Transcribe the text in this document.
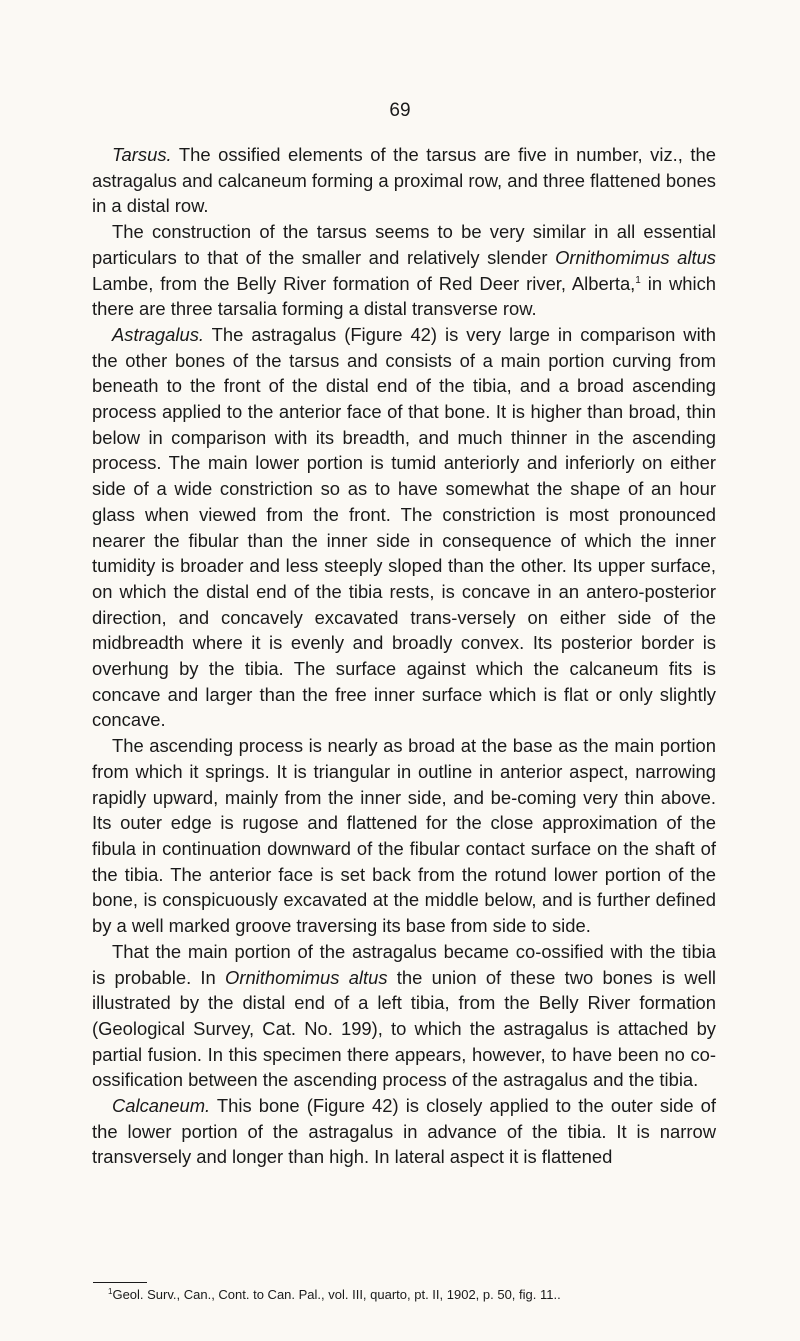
69

Tarsus. The ossified elements of the tarsus are five in number, viz., the astragalus and calcaneum forming a proximal row, and three flattened bones in a distal row.

The construction of the tarsus seems to be very similar in all essential particulars to that of the smaller and relatively slender Ornithomimus altus Lambe, from the Belly River formation of Red Deer river, Alberta,$^1$ in which there are three tarsalia forming a distal transverse row.

Astragalus. The astragalus (Figure 42) is very large in comparison with the other bones of the tarsus and consists of a main portion curving from beneath to the front of the distal end of the tibia, and a broad ascending process applied to the anterior face of that bone. It is higher than broad, thin below in comparison with its breadth, and much thinner in the ascending process. The main lower portion is tumid anteriorly and inferiorly on either side of a wide constriction so as to have somewhat the shape of an hour glass when viewed from the front. The constriction is most pronounced nearer the fibular than the inner side in consequence of which the inner tumidity is broader and less steeply sloped than the other. Its upper surface, on which the distal end of the tibia rests, is concave in an antero-posterior direction, and concavely excavated trans-versely on either side of the midbreadth where it is evenly and broadly convex. Its posterior border is overhung by the tibia. The surface against which the calcaneum fits is concave and larger than the free inner surface which is flat or only slightly concave.

The ascending process is nearly as broad at the base as the main portion from which it springs. It is triangular in outline in anterior aspect, narrowing rapidly upward, mainly from the inner side, and be-coming very thin above. Its outer edge is rugose and flattened for the close approximation of the fibula in continuation downward of the fibular contact surface on the shaft of the tibia. The anterior face is set back from the rotund lower portion of the bone, is conspicuously excavated at the middle below, and is further defined by a well marked groove traversing its base from side to side.

That the main portion of the astragalus became co-ossified with the tibia is probable. In Ornithomimus altus the union of these two bones is well illustrated by the distal end of a left tibia, from the Belly River formation (Geological Survey, Cat. No. 199), to which the astragalus is attached by partial fusion. In this specimen there appears, however, to have been no co-ossification between the ascending process of the astragalus and the tibia.

Calcaneum. This bone (Figure 42) is closely applied to the outer side of the lower portion of the astragalus in advance of the tibia. It is narrow transversely and longer than high. In lateral aspect it is flattened

$^1$Geol. Surv., Can., Cont. to Can. Pal., vol. III, quarto, pt. II, 1902, p. 50, fig. 11..
